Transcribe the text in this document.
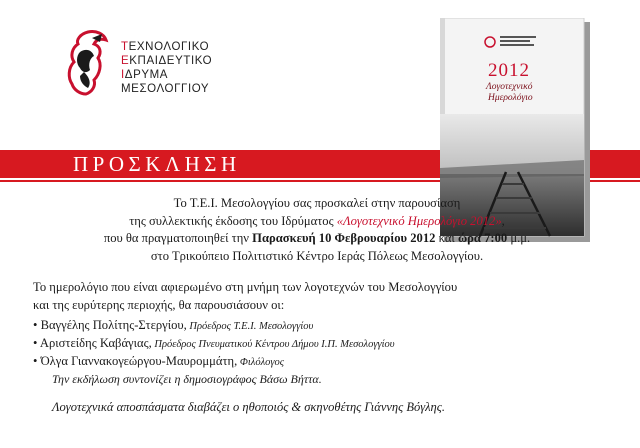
ΤΕΧΝΟΛΟΓΙΚΟ
ΕΚΠΑΙΔΕΥΤΙΚΟ
ΙΔΡΥΜΑ
ΜΕΣΟΛΟΓΓΙΟΥ
ΠΡΟΣΚΛΗΣΗ
2012
Λογοτεχνικό
Ημερολόγιο
Το Τ.Ε.Ι. Μεσολογγίου σας προσκαλεί στην παρουσίαση
της συλλεκτικής έκδοσης του Ιδρύματος «Λογοτεχνικό Ημερολόγιο 2012»,
που θα πραγματοποιηθεί την Παρασκευή 10 Φεβρουαρίου 2012 και ώρα 7:00 μ.μ.
στο Τρικούπειο Πολιτιστικό Κέντρο Ιεράς Πόλεως Μεσολογγίου.
Το ημερολόγιο που είναι αφιερωμένο στη μνήμη των λογοτεχνών του Μεσολογγίου
και της ευρύτερης περιοχής, θα παρουσιάσουν οι:
• Βαγγέλης Πολίτης-Στεργίου, Πρόεδρος Τ.Ε.Ι. Μεσολογγίου
• Αριστείδης Καβάγιας, Πρόεδρος Πνευματικού Κέντρου Δήμου Ι.Π. Μεσολογγίου
• Όλγα Γιαννακογεώργου-Μαυρομμάτη, Φιλόλογος
Την εκδήλωση συντονίζει η δημοσιογράφος Βάσω Βήττα.
Λογοτεχνικά αποσπάσματα διαβάζει ο ηθοποιός & σκηνοθέτης Γιάννης Βόγλης.
